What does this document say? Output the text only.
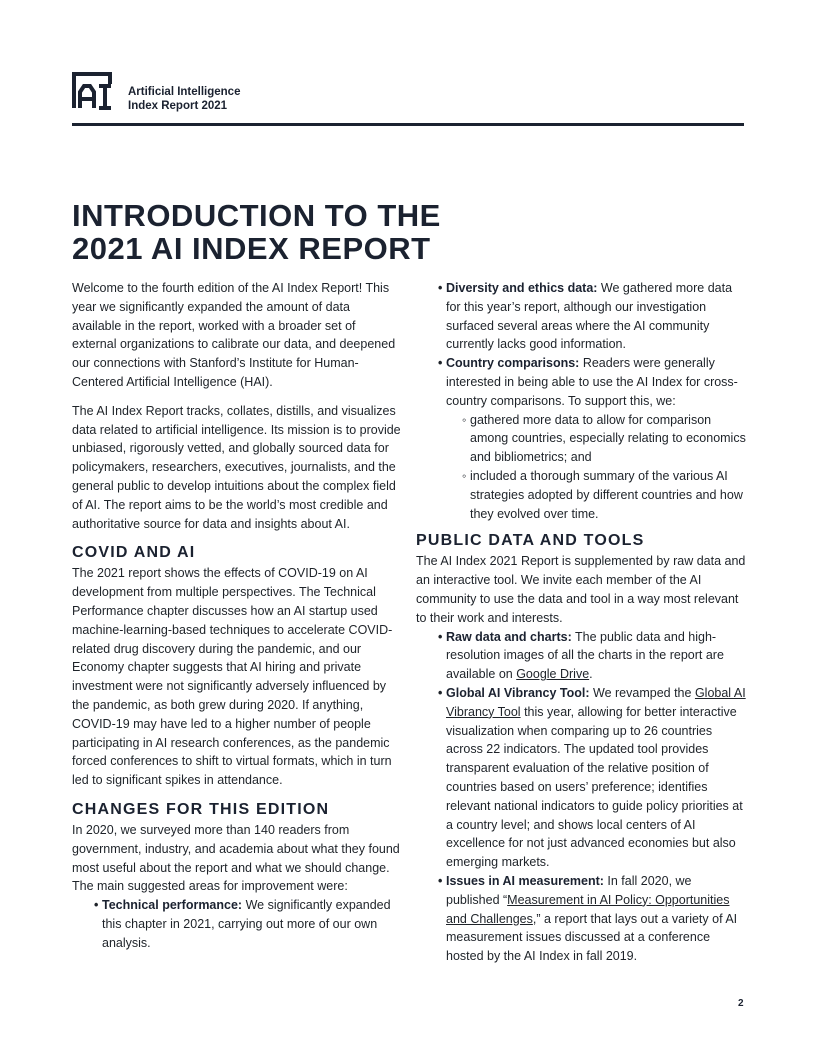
Artificial Intelligence
Index Report 2021
INTRODUCTION TO THE
2021 AI INDEX REPORT

Welcome to the fourth edition of the AI Index Report! This year we significantly expanded the amount of data available in the report, worked with a broader set of external organizations to calibrate our data, and deepened our connections with Stanford’s Institute for Human-Centered Artificial Intelligence (HAI).

The AI Index Report tracks, collates, distills, and visualizes data related to artificial intelligence. Its mission is to provide unbiased, rigorously vetted, and globally sourced data for policymakers, researchers, executives, journalists, and the general public to develop intuitions about the complex field of AI. The report aims to be the world’s most credible and authoritative source for data and insights about AI.

COVID AND AI

The 2021 report shows the effects of COVID-19 on AI development from multiple perspectives. The Technical Performance chapter discusses how an AI startup used machine-learning-based techniques to accelerate COVID-related drug discovery during the pandemic, and our Economy chapter suggests that AI hiring and private investment were not significantly adversely influenced by the pandemic, as both grew during 2020. If anything, COVID-19 may have led to a higher number of people participating in AI research conferences, as the pandemic forced conferences to shift to virtual formats, which in turn led to significant spikes in attendance.

CHANGES FOR THIS EDITION

In 2020, we surveyed more than 140 readers from government, industry, and academia about what they found most useful about the report and what we should change. The main suggested areas for improvement were:

• Technical performance: We significantly expanded this chapter in 2021, carrying out more of our own analysis.
• Diversity and ethics data: We gathered more data for this year’s report, although our investigation surfaced several areas where the AI community currently lacks good information.
• Country comparisons: Readers were generally interested in being able to use the AI Index for cross-country comparisons. To support this, we:
◦ gathered more data to allow for comparison among countries, especially relating to economics and bibliometrics; and
◦ included a thorough summary of the various AI strategies adopted by different countries and how they evolved over time.
PUBLIC DATA AND TOOLS

The AI Index 2021 Report is supplemented by raw data and an interactive tool. We invite each member of the AI community to use the data and tool in a way most relevant to their work and interests.

• Raw data and charts: The public data and high-resolution images of all the charts in the report are available on Google Drive.
• Global AI Vibrancy Tool: We revamped the Global AI Vibrancy Tool this year, allowing for better interactive visualization when comparing up to 26 countries across 22 indicators. The updated tool provides transparent evaluation of the relative position of countries based on users’ preference; identifies relevant national indicators to guide policy priorities at a country level; and shows local centers of AI excellence for not just advanced economies but also emerging markets.
• Issues in AI measurement: In fall 2020, we published “Measurement in AI Policy: Opportunities and Challenges,” a report that lays out a variety of AI measurement issues discussed at a conference hosted by the AI Index in fall 2019.
2
